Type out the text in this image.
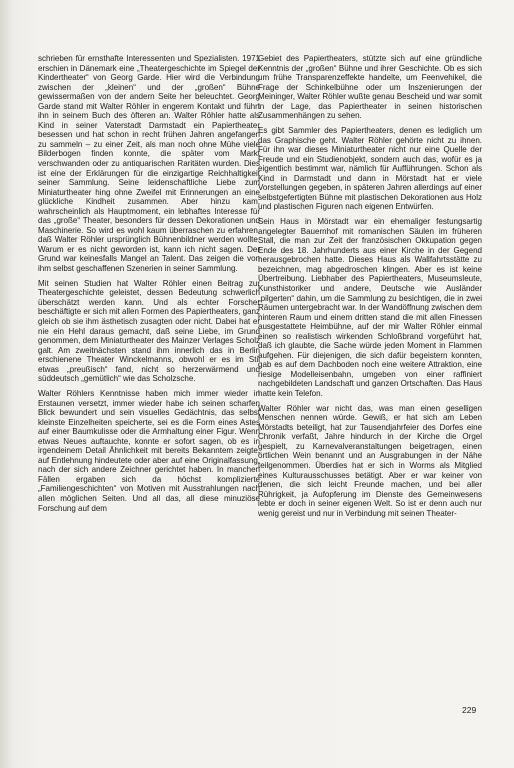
schrieben für ernsthafte Interessenten und Spezialisten. 1971 erschien in Dänemark eine „Theatergeschichte im Spiegel der Kindertheater“ von Georg Garde. Hier wird die Verbindung zwischen der „kleinen“ und der „großen“ Bühne gewissermaßen von der andern Seite her beleuchtet. Georg Garde stand mit Walter Röhler in engerem Kontakt und führt ihn in seinem Buch des öfteren an. Walter Röhler hatte als Kind in seiner Vaterstadt Darmstadt ein Papiertheater besessen und hat schon in recht frühen Jahren angefangen zu sammeln – zu einer Zeit, als man noch ohne Mühe viele Bilderbogen finden konnte, die später vom Markt verschwanden oder zu antiquarischen Raritäten wurden. Dies ist eine der Erklärungen für die einzigartige Reichhaltigkeit seiner Sammlung. Seine leidenschaftliche Liebe zum Miniaturtheater hing ohne Zweifel mit Erinnerungen an eine glückliche Kindheit zusammen. Aber hinzu kam, wahrscheinlich als Hauptmoment, ein lebhaftes Interesse für das „große“ Theater, besonders für dessen Dekorationen und Maschinerie. So wird es wohl kaum überraschen zu erfahren, daß Walter Röhler ursprünglich Bühnenbildner werden wollte. Warum er es nicht geworden ist, kann ich nicht sagen. Der Grund war keinesfalls Mangel an Talent. Das zeigen die von ihm selbst geschaffenen Szenerien in seiner Sammlung.

Mit seinen Studien hat Walter Röhler einen Beitrag zur Theatergeschichte geleistet, dessen Bedeutung schwerlich überschätzt werden kann. Und als echter Forscher beschäftigte er sich mit allen Formen des Papiertheaters, ganz gleich ob sie ihm ästhetisch zusagten oder nicht. Dabei hat er nie ein Hehl daraus gemacht, daß seine Liebe, im Grund genommen, dem Miniaturtheater des Mainzer Verlages Scholz galt. Am zweitnächsten stand ihm innerlich das in Berlin erschienene Theater Winckelmanns, obwohl er es im Stil etwas „preußisch“ fand, nicht so herzerwärmend und süddeutsch „gemütlich“ wie das Scholzsche.

Walter Röhlers Kenntnisse haben mich immer wieder in Erstaunen versetzt, immer wieder habe ich seinen scharfen Blick bewundert und sein visuelles Gedächtnis, das selbst kleinste Einzelheiten speicherte, sei es die Form eines Astes auf einer Baumkulisse oder die Armhaltung einer Figur. Wenn etwas Neues auftauchte, konnte er sofort sagen, ob es in irgendeinem Detail Ähnlichkeit mit bereits Bekanntem zeigte, auf Entlehnung hindeutete oder aber auf eine Originalfassung, nach der sich andere Zeichner gerichtet haben. In manchen Fällen ergaben sich da höchst komplizierte „Familiengeschichten“ von Motiven mit Ausstrahlungen nach allen möglichen Seiten. Und all das, all diese minuziöse Forschung auf dem

Gebiet des Papiertheaters, stützte sich auf eine gründliche Kenntnis der „großen“ Bühne und ihrer Geschichte. Ob es sich um frühe Transparenzeffekte handelte, um Feenvehikel, die Frage der Schinkelbühne oder um Inszenierungen der Meininger, Walter Röhler wußte genau Bescheid und war somit in der Lage, das Papiertheater in seinen historischen Zusammenhängen zu sehen.

Es gibt Sammler des Papiertheaters, denen es lediglich um das Graphische geht. Walter Röhler gehörte nicht zu ihnen. Für ihn war dieses Miniaturtheater nicht nur eine Quelle der Freude und ein Studienobjekt, sondern auch das, wofür es ja eigentlich bestimmt war, nämlich für Aufführungen. Schon als Kind in Darmstadt und dann in Mörstadt hat er viele Vorstellungen gegeben, in späteren Jahren allerdings auf einer selbstgefertigten Bühne mit plastischen Dekorationen aus Holz und plastischen Figuren nach eigenen Entwürfen.

Sein Haus in Mörstadt war ein ehemaliger festungsartig angelegter Bauernhof mit romanischen Säulen im früheren Stall, die man zur Zeit der französischen Okkupation gegen Ende des 18. Jahrhunderts aus einer Kirche in der Gegend herausgebrochen hatte. Dieses Haus als Wallfahrtsstätte zu bezeichnen, mag abgedroschen klingen. Aber es ist keine Übertreibung. Liebhaber des Papiertheaters, Museumsleute, Kunsthistoriker und andere, Deutsche wie Ausländer „pilgerten“ dahin, um die Sammlung zu besichtigen, die in zwei Räumen untergebracht war. In der Wandöffnung zwischen dem hinteren Raum und einem dritten stand die mit allen Finessen ausgestattete Heimbühne, auf der mir Walter Röhler einmal einen so realistisch wirkenden Schloßbrand vorgeführt hat, daß ich glaubte, die Sache würde jeden Moment in Flammen aufgehen. Für diejenigen, die sich dafür begeistern konnten, gab es auf dem Dachboden noch eine weitere Attraktion, eine riesige Modelleisenbahn, umgeben von einer raffiniert nachgebildeten Landschaft und ganzen Ortschaften. Das Haus hatte kein Telefon.

Walter Röhler war nicht das, was man einen geselligen Menschen nennen würde. Gewiß, er hat sich am Leben Mörstadts beteiligt, hat zur Tausendjahrfeier des Dorfes eine Chronik verfaßt, Jahre hindurch in der Kirche die Orgel gespielt, zu Karnevalveranstaltungen beigetragen, einen örtlichen Wein benannt und an Ausgrabungen in der Nähe teilgenommen. Überdies hat er sich in Worms als Mitglied eines Kulturausschusses betätigt. Aber er war keiner von denen, die sich leicht Freunde machen, und bei aller Rührigkeit, ja Aufopferung im Dienste des Gemeinwesens lebte er doch in seiner eigenen Welt. So ist er denn auch nur wenig gereist und nur in Verbindung mit seinen Theater-

229
